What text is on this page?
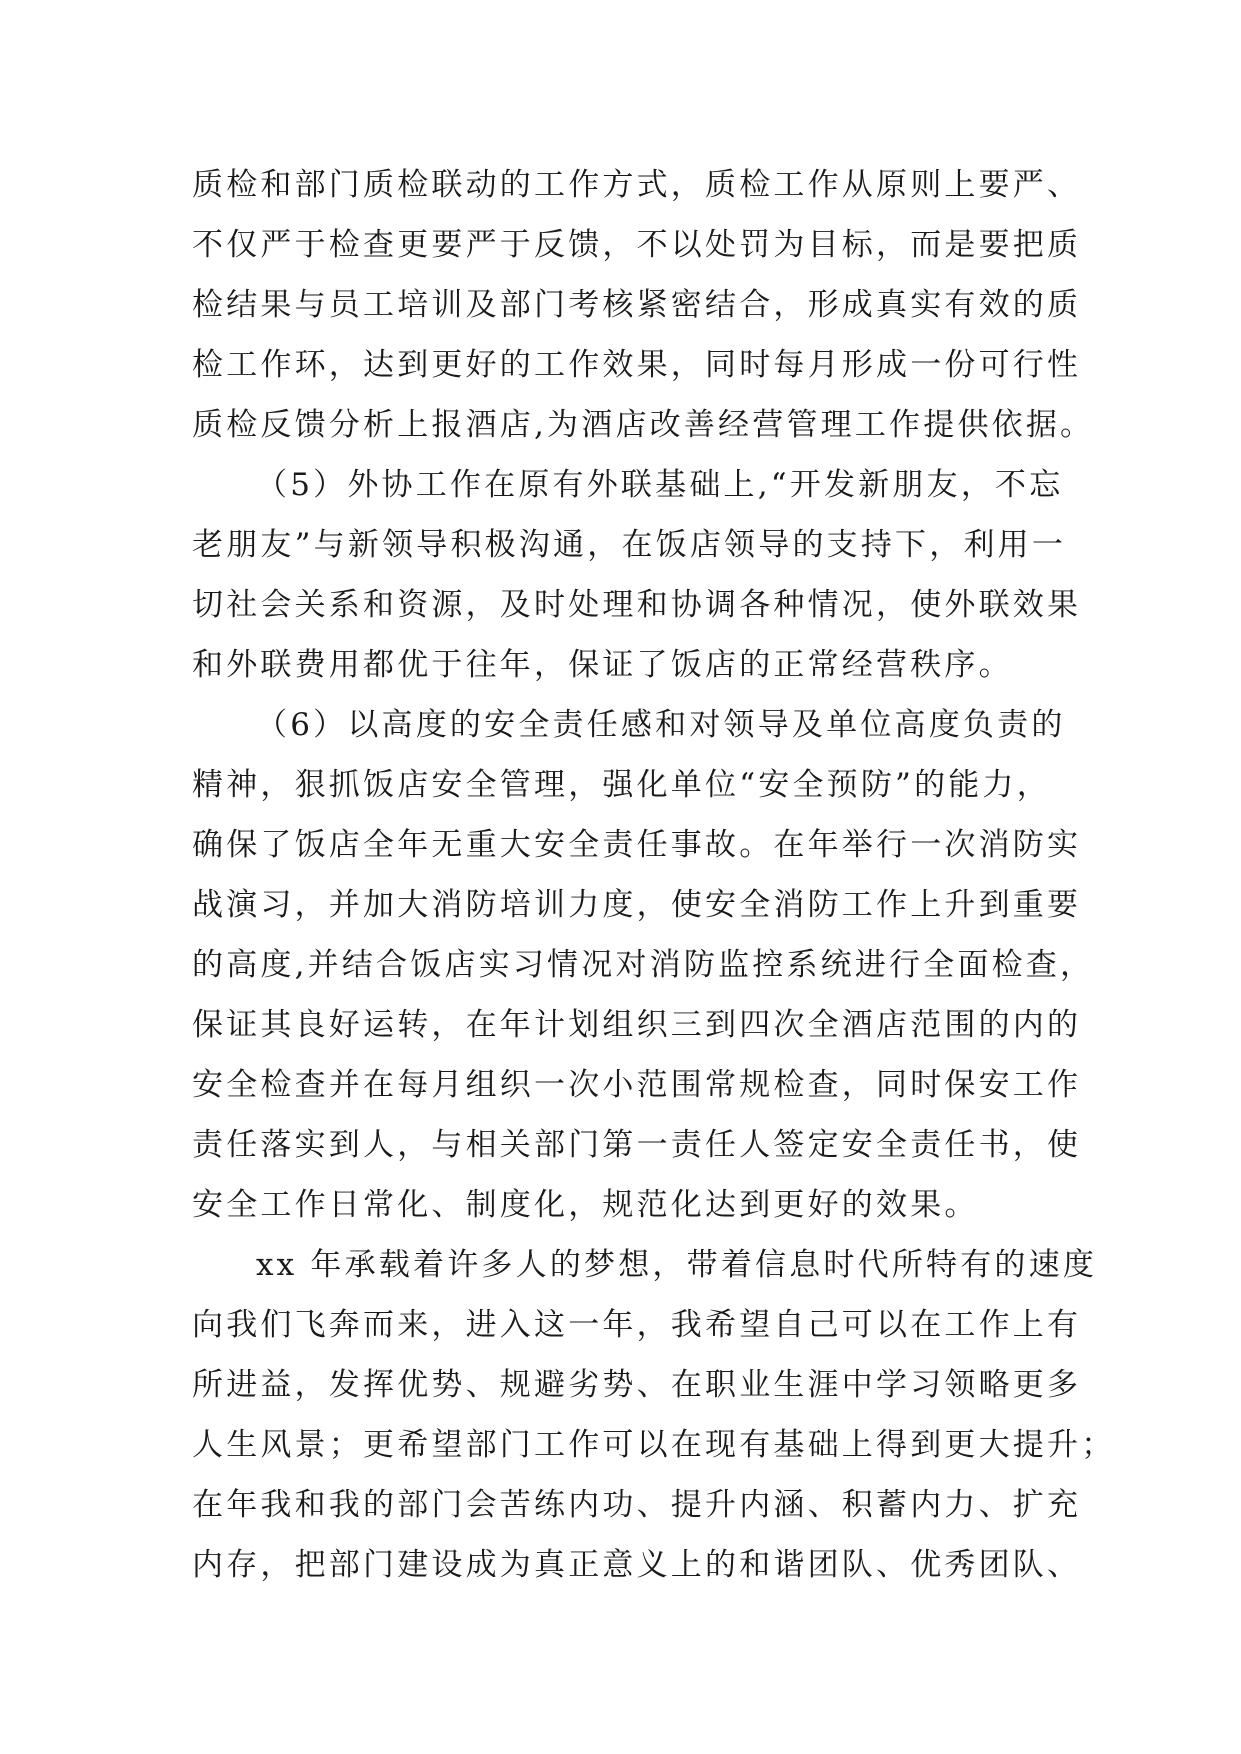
质检和部门质检联动的工作方式，质检工作从原则上要严、
不仅严于检查更要严于反馈，不以处罚为目标，而是要把质
检结果与员工培训及部门考核紧密结合，形成真实有效的质
检工作环，达到更好的工作效果，同时每月形成一份可行性
质检反馈分析上报酒店,为酒店改善经营管理工作提供依据。
（5）外协工作在原有外联基础上,“开发新朋友，不忘
老朋友”与新领导积极沟通，在饭店领导的支持下，利用一
切社会关系和资源，及时处理和协调各种情况，使外联效果
和外联费用都优于往年，保证了饭店的正常经营秩序。
（6）以高度的安全责任感和对领导及单位高度负责的
精神，狠抓饭店安全管理，强化单位“安全预防”的能力，
确保了饭店全年无重大安全责任事故。在年举行一次消防实
战演习，并加大消防培训力度，使安全消防工作上升到重要
的高度,并结合饭店实习情况对消防监控系统进行全面检查，
保证其良好运转，在年计划组织三到四次全酒店范围的内的
安全检查并在每月组织一次小范围常规检查，同时保安工作
责任落实到人，与相关部门第一责任人签定安全责任书，使
安全工作日常化、制度化，规范化达到更好的效果。
xx 年承载着许多人的梦想，带着信息时代所特有的速度
向我们飞奔而来，进入这一年，我希望自己可以在工作上有
所进益，发挥优势、规避劣势、在职业生涯中学习领略更多
人生风景；更希望部门工作可以在现有基础上得到更大提升；
在年我和我的部门会苦练内功、提升内涵、积蓄内力、扩充
内存，把部门建设成为真正意义上的和谐团队、优秀团队、
